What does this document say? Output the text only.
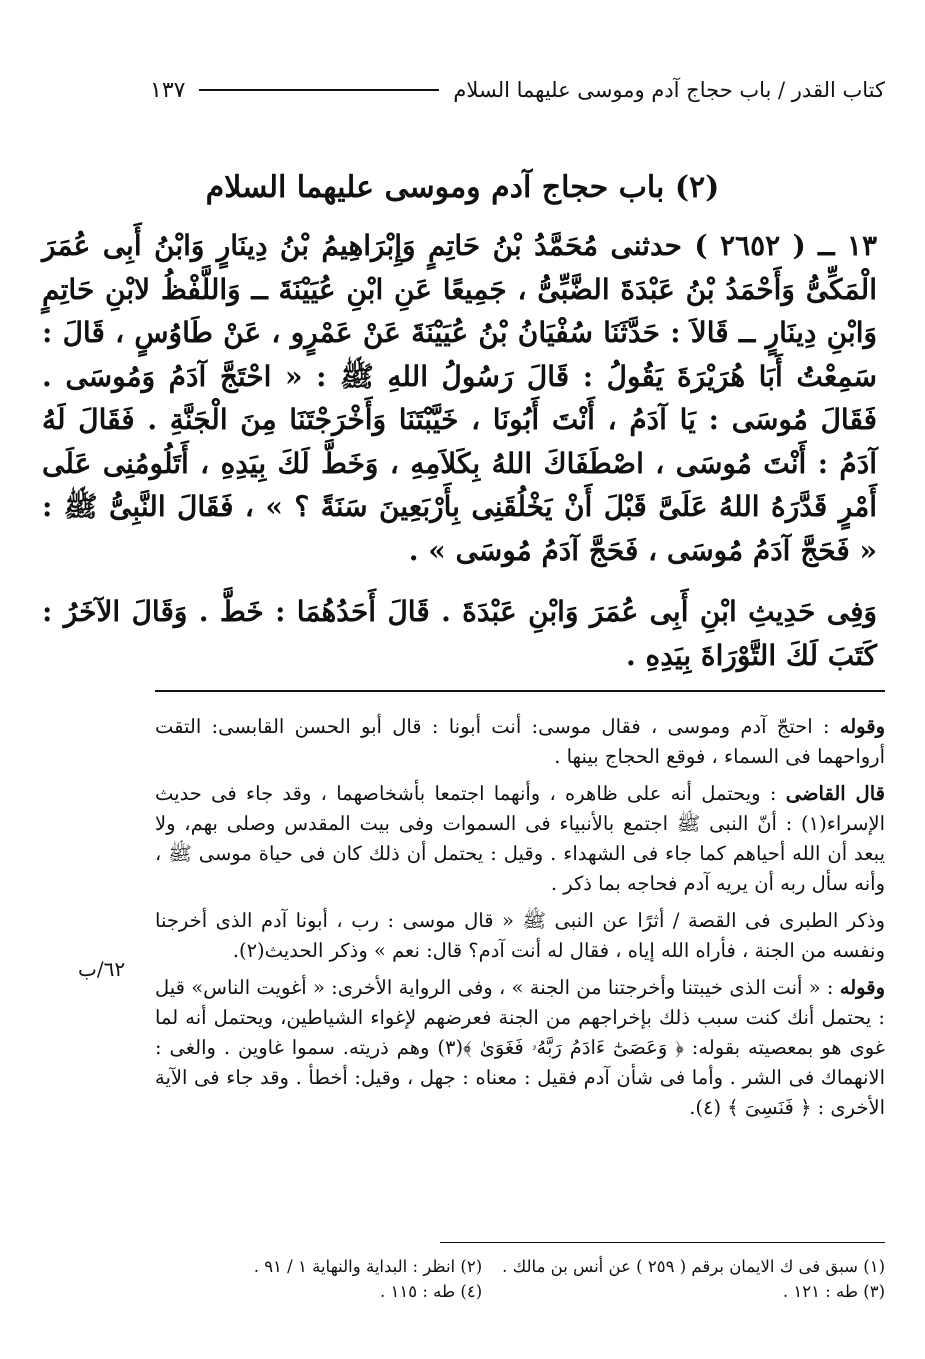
كتاب القدر / باب حجاج آدم وموسى عليهما السلام
١٣٧
(٢) باب حجاج آدم وموسى عليهما السلام

١٣ ــ ( ٢٦٥٢ ) حدثنى مُحَمَّدُ بْنُ حَاتِمٍ وَإِبْرَاهِيمُ بْنُ دِينَارٍ وَابْنُ أَبِى عُمَرَ الْمَكِّىُّ وَأَحْمَدُ بْنُ عَبْدَةَ الضَّبِّىُّ ، جَمِيعًا عَنِ ابْنِ عُيَيْنَةَ ــ وَاللَّفْظُ لابْنِ حَاتِمٍ وَابْنِ دِينَارٍ ــ قَالاَ : حَدَّثَنَا سُفْيَانُ بْنُ عُيَيْنَةَ عَنْ عَمْرٍو ، عَنْ طَاوُسٍ ، قَالَ : سَمِعْتُ أَبَا هُرَيْرَةَ يَقُولُ : قَالَ رَسُولُ اللهِ ﷺ : « احْتَجَّ آدَمُ وَمُوسَى . فَقَالَ مُوسَى : يَا آدَمُ ، أَنْتَ أَبُونَا ، خَيَّبْتَنَا وَأَخْرَجْتَنَا مِنَ الْجَنَّةِ . فَقَالَ لَهُ آدَمُ : أَنْتَ مُوسَى ، اصْطَفَاكَ اللهُ بِكَلاَمِهِ ، وَخَطَّ لَكَ بِيَدِهِ ، أَتَلُومُنِى عَلَى أَمْرٍ قَدَّرَهُ اللهُ عَلَىَّ قَبْلَ أَنْ يَخْلُقَنِى بِأَرْبَعِينَ سَنَةً ؟ » ، فَقَالَ النَّبِىُّ ﷺ : « فَحَجَّ آدَمُ مُوسَى ، فَحَجَّ آدَمُ مُوسَى » .

وَفِى حَدِيثِ ابْنِ أَبِى عُمَرَ وَابْنِ عَبْدَةَ . قَالَ أَحَدُهُمَا : خَطَّ . وَقَالَ الآخَرُ : كَتَبَ لَكَ التَّوْرَاةَ بِيَدِهِ .

وقوله : احتجّ آدم وموسى ، فقال موسى: أنت أبونا : قال أبو الحسن القابسى: التقت أرواحهما فى السماء ، فوقع الحجاج بينها .

قال القاضى : ويحتمل أنه على ظاهره ، وأنهما اجتمعا بأشخاصهما ، وقد جاء فى حديث الإسراء(١) : أنّ النبى ﷺ اجتمع بالأنبياء فى السموات وفى بيت المقدس وصلى بهم، ولا يبعد أن الله أحياهم كما جاء فى الشهداء . وقيل : يحتمل أن ذلك كان فى حياة موسى ﷺ ، وأنه سأل ربه أن يريه آدم فحاجه بما ذكر .

وذكر الطبرى فى القصة / أثرًا عن النبى ﷺ « قال موسى : رب ، أبونا آدم الذى أخرجنا ونفسه من الجنة ، فأراه الله إياه ، فقال له أنت آدم؟ قال: نعم » وذكر الحديث(٢).

وقوله : « أنت الذى خيبتنا وأخرجتنا من الجنة » ، وفى الرواية الأخرى: « أغويت الناس» قيل : يحتمل أنك كنت سبب ذلك بإخراجهم من الجنة فعرضهم لإغواء الشياطين، ويحتمل أنه لما غوى هو بمعصيته بقوله: ﴿ وَعَصَىٰٓ ءَادَمُ رَبَّهُۥ فَغَوَىٰ ﴾(٣) وهم ذريته. سموا غاوين . والغى : الانهماك فى الشر . وأما فى شأن آدم فقيل : معناه : جهل ، وقيل: أخطأ . وقد جاء فى الآية الأخرى : ﴿ فَنَسِىَ ﴾ (٤).

٦٢/ب
(١) سبق فى ك الايمان برقم ( ٢٥٩ ) عن أنس بن مالك .
(٢) انظر : البداية والنهاية ١ / ٩١ .
(٣) طه : ١٢١ .
(٤) طه : ١١٥ .
